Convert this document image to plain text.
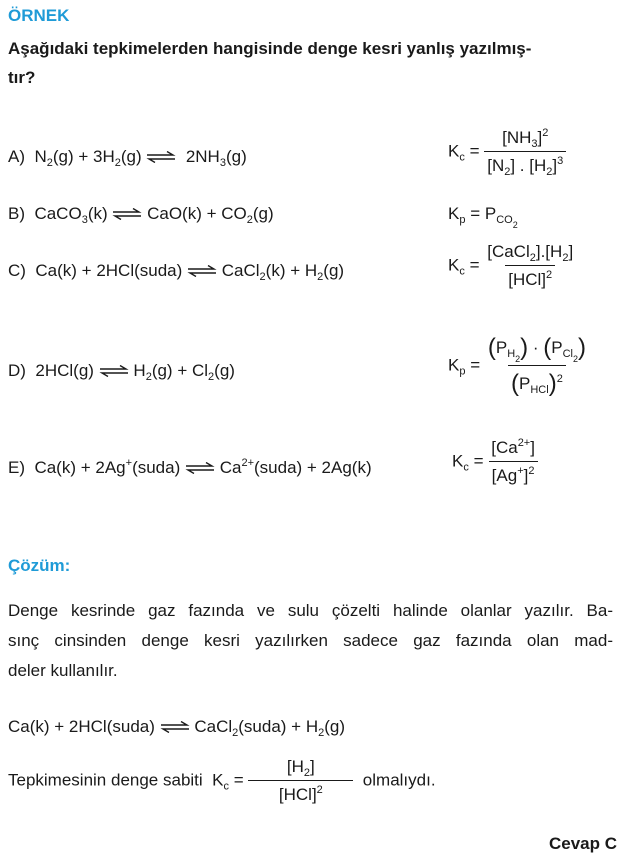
ÖRNEK
Aşağıdaki tepkimelerden hangisinde denge kesri yanlış yazılmış-
tır?
A)  $N_2(g) + 3H_2(g)$   $2NH_3(g)$	$K_c = \frac{[NH_3]^2}{[N_2] . [H_2]^3}$
B)  CaCO$_3$(k)  $CaO(k) + CO_2(g)$	$K_p = P_{CO_2}$
C)  Ca(k) + 2HCl(suda)  CaCl$_2$(k) + $H_2(g)$	$K_c = \frac{[CaCl_2].[H_2]}{[HCl]^2}$
D)  2HCl(g)  $H_2(g) + Cl_2(g)$	$K_p = \frac{(P_{H_2}) \cdot (P_{Cl_2})}{(P_{HCl})^2}$
E)  Ca(k) + 2Ag+(suda)  $Ca^{2+}(suda) + 2Ag(k)$	$K_c = \frac{[Ca^{2+}]}{[Ag^+]^2}$
Çözüm:
Denge kesrinde gaz fazında ve sulu çözelti halinde olanlar yazılır. Ba-
sınç cinsinden denge kesri yazılırken sadece gaz fazında olan mad-
deler kullanılır.
Ca(k) + 2HCl(suda)  CaCl$_2$(suda) + $H_2(g)$
Tepkimesinin denge sabiti  $K_c = \frac{[H_2]}{[HCl]^2}$ olmalıydı.
Cevap C
